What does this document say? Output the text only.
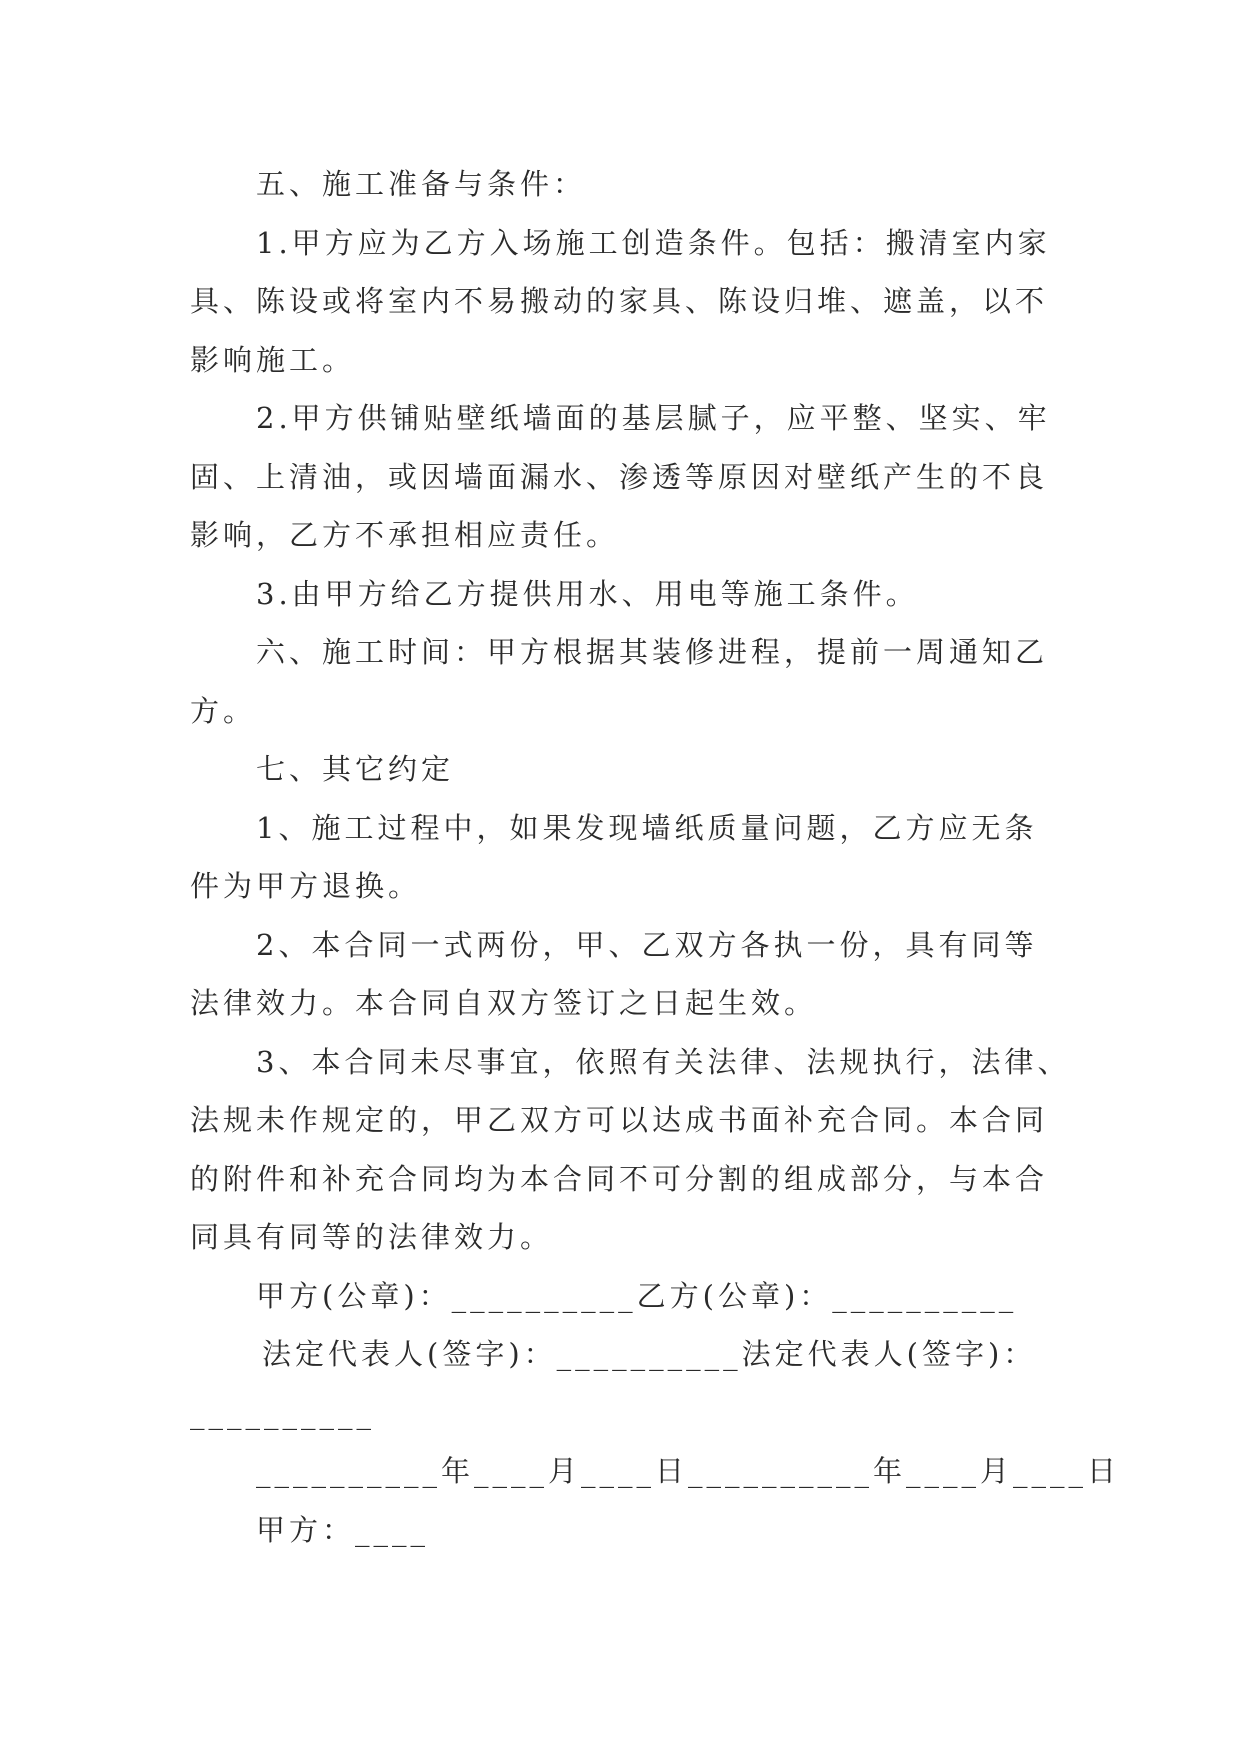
五、施工准备与条件：
1.甲方应为乙方入场施工创造条件。包括：搬清室内家
具、陈设或将室内不易搬动的家具、陈设归堆、遮盖，以不
影响施工。
2.甲方供铺贴壁纸墙面的基层腻子，应平整、坚实、牢
固、上清油，或因墙面漏水、渗透等原因对壁纸产生的不良
影响，乙方不承担相应责任。
3.由甲方给乙方提供用水、用电等施工条件。
六、施工时间：甲方根据其装修进程，提前一周通知乙
方。
七、其它约定
1、施工过程中，如果发现墙纸质量问题，乙方应无条
件为甲方退换。
2、本合同一式两份，甲、乙双方各执一份，具有同等
法律效力。本合同自双方签订之日起生效。
3、本合同未尽事宜，依照有关法律、法规执行，法律、
法规未作规定的，甲乙双方可以达成书面补充合同。本合同
的附件和补充合同均为本合同不可分割的组成部分，与本合
同具有同等的法律效力。
甲方(公章)：__________乙方(公章)：__________
法定代表人(签字)：__________法定代表人(签字)：
__________
__________年____月____日__________年____月____日
甲方：____
